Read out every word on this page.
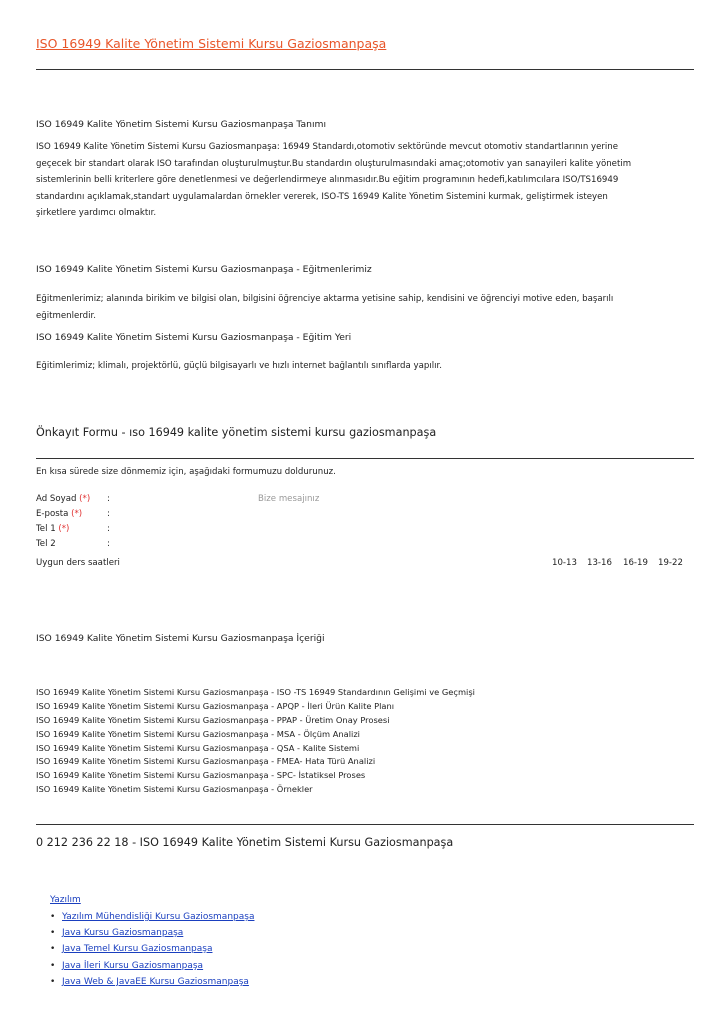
ISO 16949 Kalite Yönetim Sistemi Kursu Gaziosmanpaşa
ISO 16949 Kalite Yönetim Sistemi Kursu Gaziosmanpaşa Tanımı
ISO 16949 Kalite Yönetim Sistemi Kursu Gaziosmanpaşa: 16949 Standardı,otomotiv sektöründe mevcut otomotiv standartlarının yerine
geçecek bir standart olarak ISO tarafından oluşturulmuştur.Bu standardın oluşturulmasındaki amaç;otomotiv yan sanayileri kalite yönetim
sistemlerinin belli kriterlere göre denetlenmesi ve değerlendirmeye alınmasıdır.Bu eğitim programının hedefi,katılımcılara ISO/TS16949
standardını açıklamak,standart uygulamalardan örnekler vererek, ISO-TS 16949 Kalite Yönetim Sistemini kurmak, geliştirmek isteyen
şirketlere yardımcı olmaktır.
ISO 16949 Kalite Yönetim Sistemi Kursu Gaziosmanpaşa - Eğitmenlerimiz
Eğitmenlerimiz; alanında birikim ve bilgisi olan, bilgisini öğrenciye aktarma yetisine sahip, kendisini ve öğrenciyi motive eden, başarılı
eğitmenlerdir.
ISO 16949 Kalite Yönetim Sistemi Kursu Gaziosmanpaşa - Eğitim Yeri
Eğitimlerimiz; klimalı, projektörlü, güçlü bilgisayarlı ve hızlı internet bağlantılı sınıflarda yapılır.
Önkayıt Formu - ıso 16949 kalite yönetim sistemi kursu gaziosmanpaşa
En kısa sürede size dönmemiz için, aşağıdaki formumuzu doldurunuz.
Ad Soyad (*) :
E-posta (*)	:
Tel 1 (*)	:
Tel 2	:
Bize mesajınız
Uygun ders saatleri	10-13 13-16 16-19 19-22
ISO 16949 Kalite Yönetim Sistemi Kursu Gaziosmanpaşa İçeriği
ISO 16949 Kalite Yönetim Sistemi Kursu Gaziosmanpaşa - ISO -TS 16949 Standardının Gelişimi ve Geçmişi
ISO 16949 Kalite Yönetim Sistemi Kursu Gaziosmanpaşa - APQP - İleri Ürün Kalite Planı
ISO 16949 Kalite Yönetim Sistemi Kursu Gaziosmanpaşa - PPAP - Üretim Onay Prosesi
ISO 16949 Kalite Yönetim Sistemi Kursu Gaziosmanpaşa - MSA - Ölçüm Analizi
ISO 16949 Kalite Yönetim Sistemi Kursu Gaziosmanpaşa - QSA - Kalite Sistemi
ISO 16949 Kalite Yönetim Sistemi Kursu Gaziosmanpaşa - FMEA- Hata Türü Analizi
ISO 16949 Kalite Yönetim Sistemi Kursu Gaziosmanpaşa - SPC- İstatiksel Proses
ISO 16949 Kalite Yönetim Sistemi Kursu Gaziosmanpaşa - Örnekler
0 212 236 22 18 - ISO 16949 Kalite Yönetim Sistemi Kursu Gaziosmanpaşa
Yazılım
• Yazılım Mühendisliği Kursu Gaziosmanpaşa
• Java Kursu Gaziosmanpaşa
• Java Temel Kursu Gaziosmanpaşa
• Java İleri Kursu Gaziosmanpaşa
• Java Web & JavaEE Kursu Gaziosmanpaşa
